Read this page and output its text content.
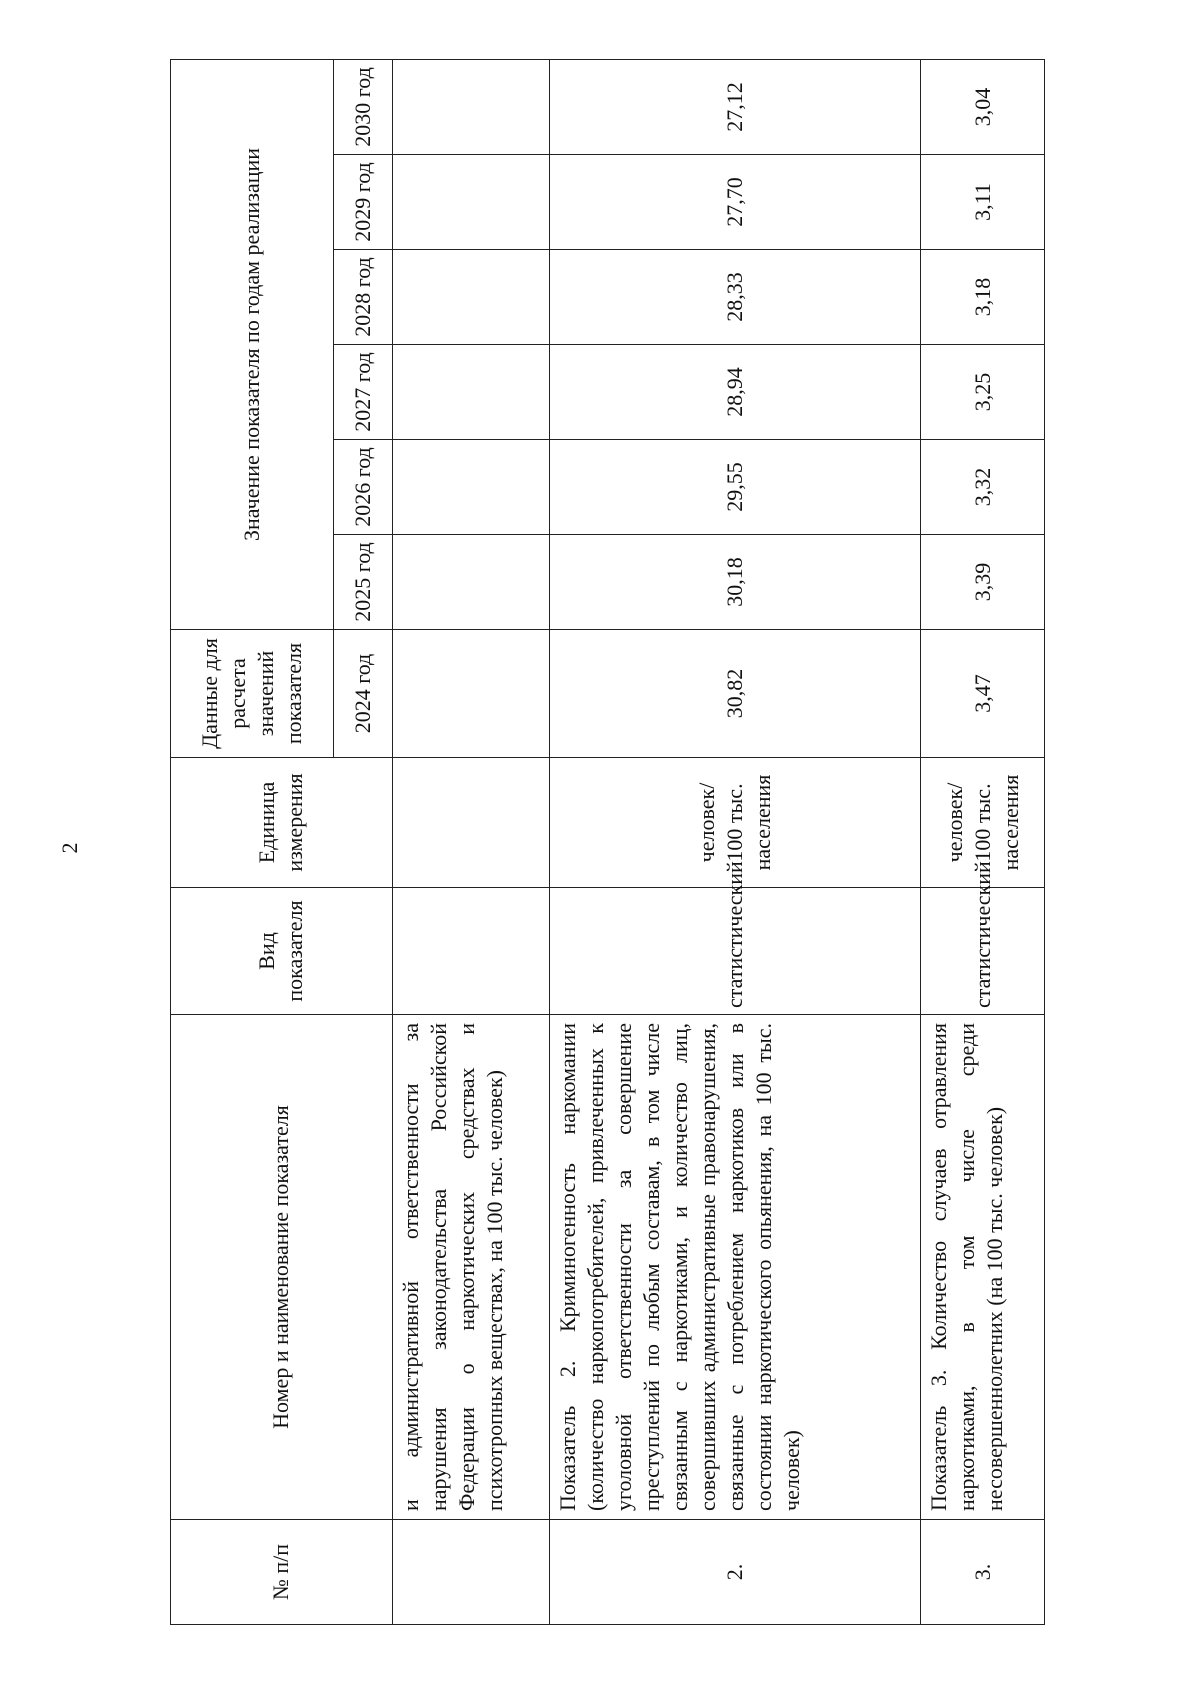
2
№ п/п	Номер и наименование показателя	Вид показателя	Единица измерения	Данные для расчета значений показателя	Значение показателя по годам реализации					
				2024 год	2025 год	2026 год	2027 год	2028 год	2029 год	2030 год
	и административной ответственности за нарушения законодательства Российской Федерации о наркотических средствах и психотропных веществах, на 100 тыс. человек)									
2.	Показатель 2. Криминогенность наркомании (количество наркопотребителей, привлеченных к уголовной ответственности за совершение преступлений по любым составам, в том числе связанным с наркотиками, и количество лиц, совершивших административные правонарушения, связанные с потреблением наркотиков или в состоянии наркотического опьянения, на 100 тыс. человек)	статистический	человек/ 100 тыс. населения	30,82	30,18	29,55	28,94	28,33	27,70	27,12
3.	Показатель 3. Количество случаев отравления наркотиками, в том числе среди несовершеннолетних (на 100 тыс. человек)	статистический	человек/ 100 тыс. населения	3,47	3,39	3,32	3,25	3,18	3,11	3,04
